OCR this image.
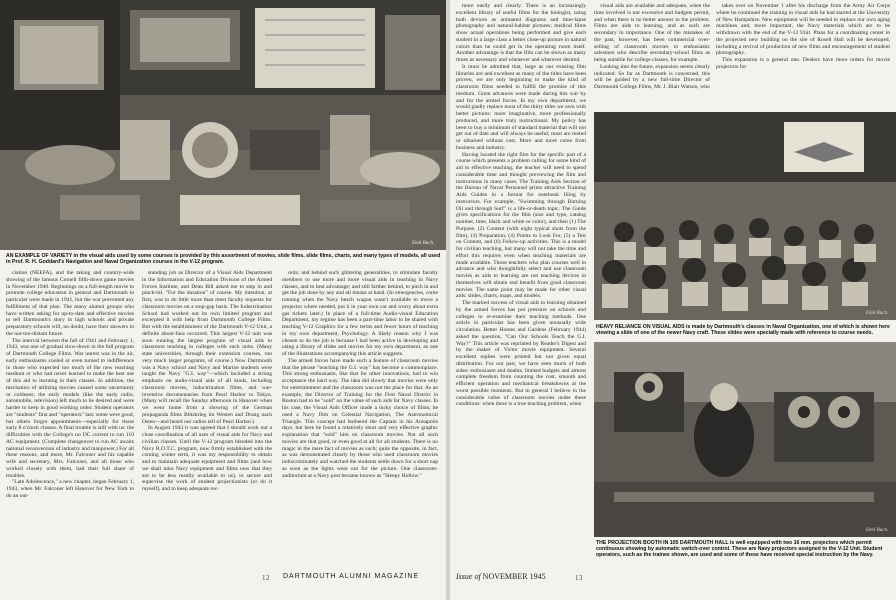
Emil Buch.
AN EXAMPLE OF VARIETY in the visual aids used by some courses is provided by this assortment of movies, slide films, slide films, charts, and many types of models, all used in Prof. R. H. Goddard's Navigation and Naval Organization courses in the V-12 program.

ciation (NEEFA), and the taking and country-wide showing of the famous Cornell fifth-down game movies in November 1940. Beginnings on a full-length movie to promote college education in general and Dartmouth in particular were made in 1941, but the war prevented any fulfillment of that plan. The many alumni groups who have written asking for up-to-date and effective movies to tell Dartmouth's story in high schools and private preparatory schools will, no doubt, have their answers in the not-too-distant future.

The interval between the fall of 1941 and February 1, 1943, was one of gradual slow-down in the full program of Dartmouth College Films. War unrest was in the air, early enthusiasms cooled or even turned to indifference in those who expected too much of the new teaching medium or who had never learned to make the best use of this aid to learning in their classes. In addition, the mechanics of utilizing movies caused some uncertainty or coldness; the early models (like the early radio, automobile, television) left much to be desired and were harder to keep in good working order. Student operators are "students" first and "operators" last: some were good, but others forgot appointments—especially for those early 8 o'clock classes. A final trouble is still with us: the difficulties with the College's no DC current to run 110 AC equipment. (Complete changeover to run AC awaits national reconversion of industry and manpower.) For all these reasons, and more, Mr. Falconer and his capable wife and secretary, Mrs. Falconer, and all those who worked closely with them, had their full share of troubles.

"Late Adolescence," a new chapter, began February 1, 1943, when Mr. Falconer left Hanover for New York to do an out-

standing job as Director of a Visual Aids Department in the Information and Education Division of the Armed Forces Institute, and Dean Bill asked me to step in and pinch-hit. "For the duration" of course. My intention, at first, was to do little more than meet faculty requests for classroom movies on a stop-gap basis. The Indoctrination School had worked out its own limited program and excerpted it with help from Dartmouth College Films. But with the establishment of the Dartmouth V-12 Unit, a definite about-face occurred. This largest V-12 unit was soon running the largest program of visual aids to classroom teaching in colleges with such units. (Many state universities, through their extension courses, run very much larger programs, of course.) Now Dartmouth was a Navy school and Navy and Marine students were taught the Navy "G.I. way"—which included a strong emphasis on audio-visual aids of all kinds, including classroom movies, indoctrination films, and war-inventive documentaries from Pearl Harbor to Tokyo. (Many will recall the Sunday afternoon in Hanover when we went home from a showing of the German propaganda films Blitzkrieg im Westen and Drang nach Osten—and heard our radios tell of Pearl Harbor.)

In August 1943 it was agreed that I should work out a close coordination of all uses of visual aids for Navy and civilian classes. Until the V-12 program blended into the Navy R.O.T.C. program, now firmly established with the coming winter term, it was my responsibility to obtain and to maintain adequate equipment and films (and how we shall miss Navy equipment and films now that they are to be less readily available to us), to secure and supervise the work of student projectionists (or do it myself), and to keep adequate rec-

ords; and behind such glittering generalities, to stimulate faculty members to use more and more visual aids in teaching in Navy classes, and to best advantage; and still farther behind, to pitch in and get the job done by any and all means at hand. (In emergencies, come running when the Navy beach wagon wasn't available to move a projector where needed, put it in your own car and worry about extra gas tickets later.) In place of a full-time Audio-visual Education Department, my regime has been a part-time labor to be shared with teaching V-12 Graphics for a few terms and fewer hours of teaching in my own department, Psychology. A likely reason why I was chosen to do the job is because I had been active in developing and using a library of slides and movies for my own department, as one of the illustrations accompanying this article suggests.

The armed forces have made such a feature of classroom movies that the phrase "teaching the G.I. way" has become a commonplace. This strong enthusiasm, like that for other innovations, had to win acceptance the hard way. The idea did slowly that movies were only for entertainment and the classroom was not the place for that. As an example, the Director of Training for the First Naval District in Boston had to be "sold" on the value of such aids for Navy classes. In his case, the Visual Aids Officer made a lucky choice of films; he used a Navy film on Celestial Navigation, The Astronomical Triangle. This concept had bothered the Captain in his Annapolis days, but here he found a relatively short and very effective graphic explanation that "sold" him on classroom movies. Not all such movies are that good, or even good at all for all students. There is no magic in the mere fact of movies as such; quite the opposite, in fact, as was demonstrated clearly by those who used classroom movies indiscriminately and watched the students settle down for a short nap as soon as the lights went out for the picture. One classroom-auditorium at a Navy post became known as "Sleepy Hollow."

12 DARTMOUTH ALUMNI MAGAZINE

more easily and clearly. There is an increasingly excellent library of useful films for the biologist, using both devices as animated diagrams and time-lapse photography and natural-habitat pictures; medical films show actual operations being performed and give each student in a large class a better close-up picture in natural colors than he could get in the operating room itself. Another advantage is that the film can be shown as many times as necessary and whenever and wherever desired.

It must be admitted that, large as our existing film libraries are and excellent as many of the titles have been proven, we are only beginning to make the kind of classroom films needed to fulfill the promise of this medium. Great advances were made during this war by and for the armed forces. In my own department, we would gladly replace most of the thirty titles we own with better pictures: more imaginative, more professionally produced, and more truly instructional. My policy has been to buy a minimum of standard material that will not get out of date and will always be useful; most are rented or obtained without cost. More and more come from business and industry.

Having located the right film for the specific part of a course which presents a problem calling for some kind of aid to effective teaching, the teacher will need to spend considerable time and thought previewing the film and instructions in many cases. The Training Aids Section of the Bureau of Naval Personnel prints attractive Training Aids Guides in a format for notebook filing by instructors. For example, "Swimming through Burning Oil and through Surf" is a life-or-death topic. The Guide gives specifications for the film (size and type, catalog number, time, black and white or color), and then (1) The Purpose, (2) Content (with eight typical shots from the film), (3) Preparation, (4) Points to Look For, (5) a Test on Content, and (6) Follow-up activities. This is a model for civilian teaching, but many will not take the time and effort this requires even when teaching materials are made available. Those teachers who plan courses well in advance and who thoughtfully select and use classroom movies as aids to learning are not teaching devices in themselves will obtain real benefit from good classroom movies. The same point may be made for other visual aids: slides, charts, maps, and models.

The marked success of visual aids to learning obtained by the armed forces has put pressure on schools and colleges to re-examine their teaching methods. One article in particular has been given unusually wide circulation. Better Homes and Gardens (February 1944) asked the question, "Can Our Schools Teach the G.I. Way?" This article was reprinted by Reader's Digest and by the maker of Victor movie equipment. Several excellent replies were printed but not given equal distribution. For our part, we have seen much of both sides: enthusiasm and doubts, limited budgets and almost complete freedom from counting the cost, smooth and efficient operation and mechanical breakdowns at the worst possible moments. But in general I believe in the considerable value of classroom movies under these conditions: when there is a true teaching problem, when

visual aids are available and adequate, when the time involved is not excessive and budgets permit, and when there is no better answer to the problem. Films are aids to learning, and as such are secondary in importance. One of the mistakes of the past, however, has been commercial over-selling of classroom movies to enthusiastic salesmen who describe secondary-school films as being suitable for college classes, for example.

Looking into the future, expansion seems clearly indicated. So far as Dartmouth is concerned, this will be guided by a new full-time Director of Dartmouth College Films, Mr. J. Blair Watson, who

takes over on November 1 after his discharge from the Army Air Corps where he continued the training in visual aids he had started at the University of New Hampshire. New equipment will be needed to replace our own aging machines and, more important, the Navy materials which are to be withdrawn with the end of the V-12 Unit. Plans for a coordinating center in the projected new building on the site of Rosell Hall will be developed, including a revival of production of new films and encouragement of student photography.

This expansion is a general one. Dealers have more orders for movie projectors for

Emil Buch.
HEAVY RELIANCE ON VISUAL AIDS is made by Dartmouth's classes in Naval Organization, one of which is shown here viewing a slide of one of the newer Navy craft. These slides were specially made with reference to course needs.
Emil Buch.
THE PROJECTION BOOTH IN 105 DARTMOUTH HALL is well equipped with two 16 mm. projectors which permit continuous showing by automatic switch-over control. These are Navy projectors assigned to the V-12 Unit. Student operators, such as the trainee shown, are used and some of these have received special instruction by the Navy.
Issue of NOVEMBER 1945	13
